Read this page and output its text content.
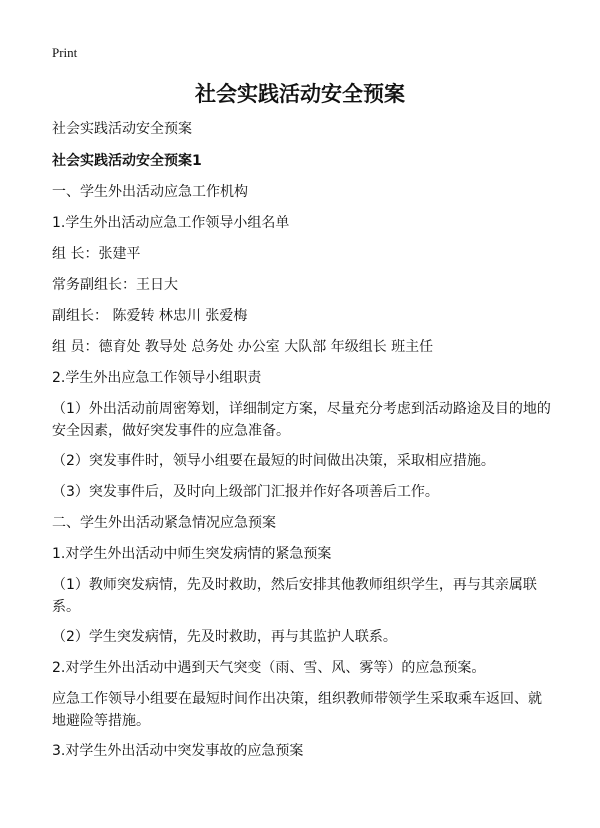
Print
社会实践活动安全预案
社会实践活动安全预案
社会实践活动安全预案1
一、学生外出活动应急工作机构
1.学生外出活动应急工作领导小组名单
组 长：张建平
常务副组长：王日大
副组长： 陈爱转 林忠川 张爱梅
组 员：德育处 教导处 总务处 办公室 大队部 年级组长 班主任
2.学生外出应急工作领导小组职责
（1）外出活动前周密筹划，详细制定方案，尽量充分考虑到活动路途及目的地的安全因素，做好突发事件的应急准备。
（2）突发事件时，领导小组要在最短的时间做出决策，采取相应措施。
（3）突发事件后，及时向上级部门汇报并作好各项善后工作。
二、学生外出活动紧急情况应急预案
1.对学生外出活动中师生突发病情的紧急预案
（1）教师突发病情，先及时救助，然后安排其他教师组织学生，再与其亲属联系。
（2）学生突发病情，先及时救助，再与其监护人联系。
2.对学生外出活动中遇到天气突变（雨、雪、风、雾等）的应急预案。
应急工作领导小组要在最短时间作出决策，组织教师带领学生采取乘车返回、就地避险等措施。
3.对学生外出活动中突发事故的应急预案
